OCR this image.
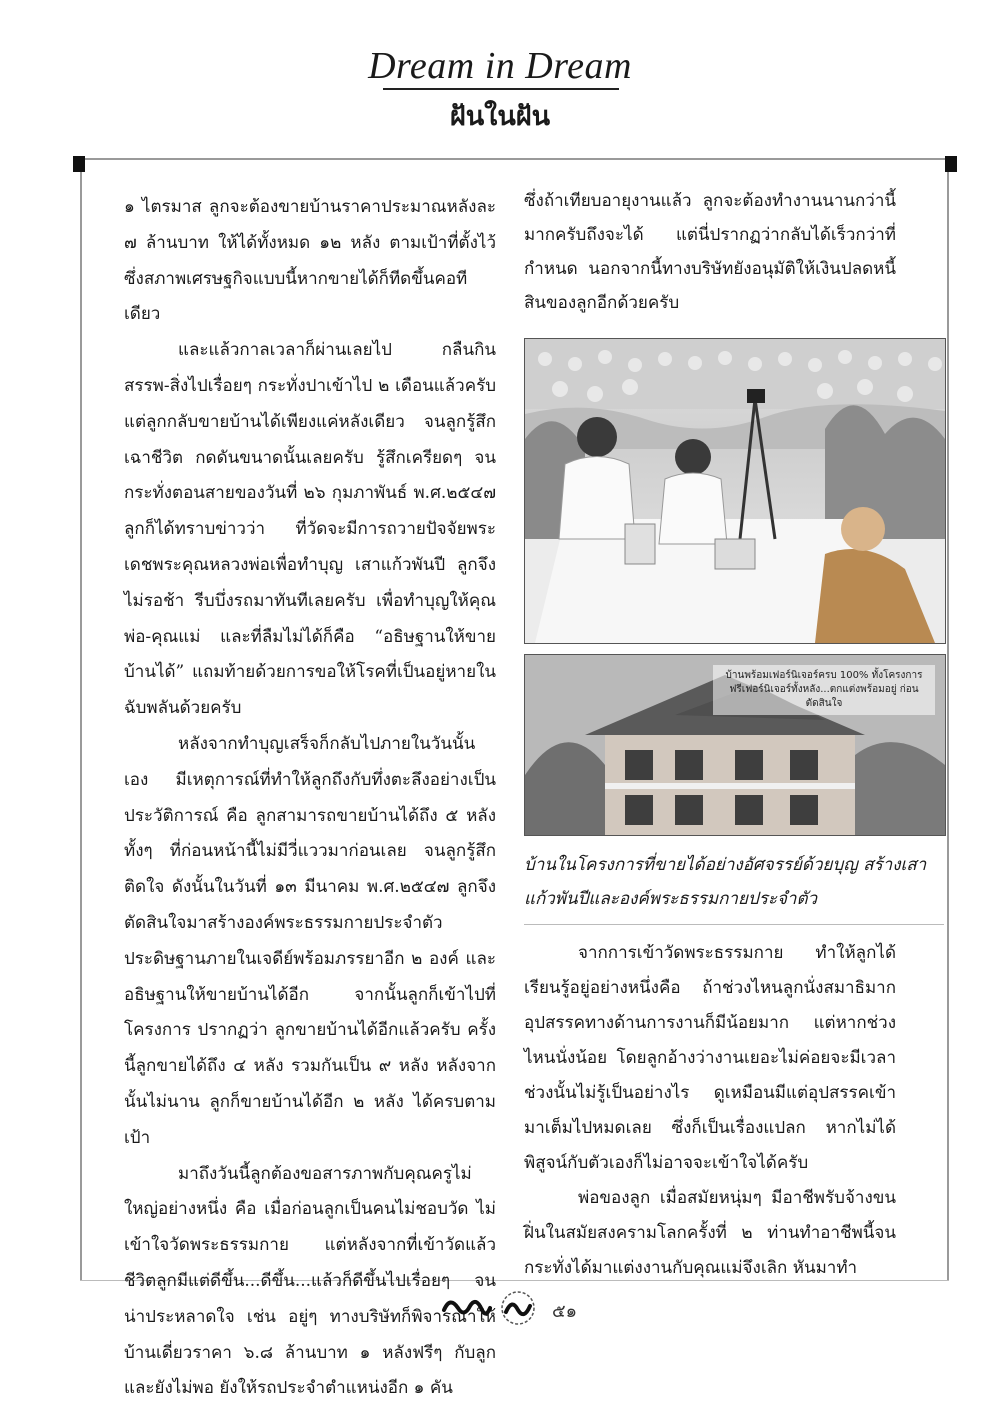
Dream in Dream
ฝันในฝัน

๑ ไตรมาส ลูกจะต้องขายบ้านราคาประมาณหลังละ ๗ ล้านบาท ให้ได้ทั้งหมด ๑๒ หลัง ตามเป้าที่ตั้งไว้ ซึ่งสภาพเศรษฐกิจแบบนี้หากขายได้ก็ทีดขึ้นคอทีเดียว

และแล้วกาลเวลาก็ผ่านเลยไป กลืนกินสรรพ-สิ่งไปเรื่อยๆ กระทั่งปาเข้าไป ๒ เดือนแล้วครับ แต่ลูกกลับขายบ้านได้เพียงแค่หลังเดียว จนลูกรู้สึกเฉาชีวิต กดดันขนาดนั้นเลยครับ รู้สึกเครียดๆ จนกระทั่งตอนสายของวันที่ ๒๖ กุมภาพันธ์ พ.ศ.๒๕๔๗ ลูกก็ได้ทราบข่าวว่า ที่วัดจะมีการถวายปัจจัยพระเดชพระคุณหลวงพ่อเพื่อทำบุญ เสาแก้วพันปี ลูกจึงไม่รอช้า รีบบึ่งรถมาทันทีเลยครับ เพื่อทำบุญให้คุณพ่อ-คุณแม่ และที่ลืมไม่ได้ก็คือ “อธิษฐานให้ขายบ้านได้” แถมท้ายด้วยการขอให้โรคที่เป็นอยู่หายในฉับพลันด้วยครับ

หลังจากทำบุญเสร็จก็กลับไปภายในวันนั้นเอง มีเหตุการณ์ที่ทำให้ลูกถึงกับทึ่งตะลึงอย่างเป็นประวัติการณ์ คือ ลูกสามารถขายบ้านได้ถึง ๕ หลัง ทั้งๆ ที่ก่อนหน้านี้ไม่มีวี่แววมาก่อนเลย จนลูกรู้สึกติดใจ ดังนั้นในวันที่ ๑๓ มีนาคม พ.ศ.๒๕๔๗ ลูกจึงตัดสินใจมาสร้างองค์พระธรรมกายประจำตัวประดิษฐานภายในเจดีย์พร้อมภรรยาอีก ๒ องค์ และอธิษฐานให้ขายบ้านได้อีก จากนั้นลูกก็เข้าไปที่โครงการ ปรากฏว่า ลูกขายบ้านได้อีกแล้วครับ ครั้งนี้ลูกขายได้ถึง ๔ หลัง รวมกันเป็น ๙ หลัง หลังจากนั้นไม่นาน ลูกก็ขายบ้านได้อีก ๒ หลัง ได้ครบตามเป้า

มาถึงวันนี้ลูกต้องขอสารภาพกับคุณครูไม่ใหญ่อย่างหนึ่ง คือ เมื่อก่อนลูกเป็นคนไม่ชอบวัด ไม่เข้าใจวัดพระธรรมกาย แต่หลังจากที่เข้าวัดแล้ว ชีวิตลูกมีแต่ดีขึ้น...ดีขึ้น...แล้วก็ดีขึ้นไปเรื่อยๆ จนน่าประหลาดใจ เช่น อยู่ๆ ทางบริษัทก็พิจารณาให้บ้านเดี่ยวราคา ๖.๘ ล้านบาท ๑ หลังฟรีๆ กับลูก และยังไม่พอ ยังให้รถประจำตำแหน่งอีก ๑ คัน

ซึ่งถ้าเทียบอายุงานแล้ว ลูกจะต้องทำงานนานกว่านี้มากครับถึงจะได้ แต่นี่ปรากฏว่ากลับได้เร็วกว่าที่กำหนด นอกจากนี้ทางบริษัทยังอนุมัติให้เงินปลดหนี้สินของลูกอีกด้วยครับ

บ้านพร้อมเฟอร์นิเจอร์ครบ 100% ทั้งโครงการ ฟรีเฟอร์นิเจอร์ทั้งหลัง...ตกแต่งพร้อมอยู่ ก่อนตัดสินใจ
บ้านในโครงการที่ขายได้อย่างอัศจรรย์ด้วยบุญ สร้างเสาแก้วพันปีและองค์พระธรรมกายประจำตัว

จากการเข้าวัดพระธรรมกาย ทำให้ลูกได้เรียนรู้อยู่อย่างหนึ่งคือ ถ้าช่วงไหนลูกนั่งสมาธิมาก อุปสรรคทางด้านการงานก็มีน้อยมาก แต่หากช่วงไหนนั่งน้อย โดยลูกอ้างว่างานเยอะไม่ค่อยจะมีเวลา ช่วงนั้นไม่รู้เป็นอย่างไร ดูเหมือนมีแต่อุปสรรคเข้ามาเต็มไปหมดเลย ซึ่งก็เป็นเรื่องแปลก หากไม่ได้พิสูจน์กับตัวเองก็ไม่อาจจะเข้าใจได้ครับ

พ่อของลูก เมื่อสมัยหนุ่มๆ มีอาชีพรับจ้างขนฝิ่นในสมัยสงครามโลกครั้งที่ ๒ ท่านทำอาชีพนี้จนกระทั่งได้มาแต่งงานกับคุณแม่จึงเลิก หันมาทำ

๕๑
